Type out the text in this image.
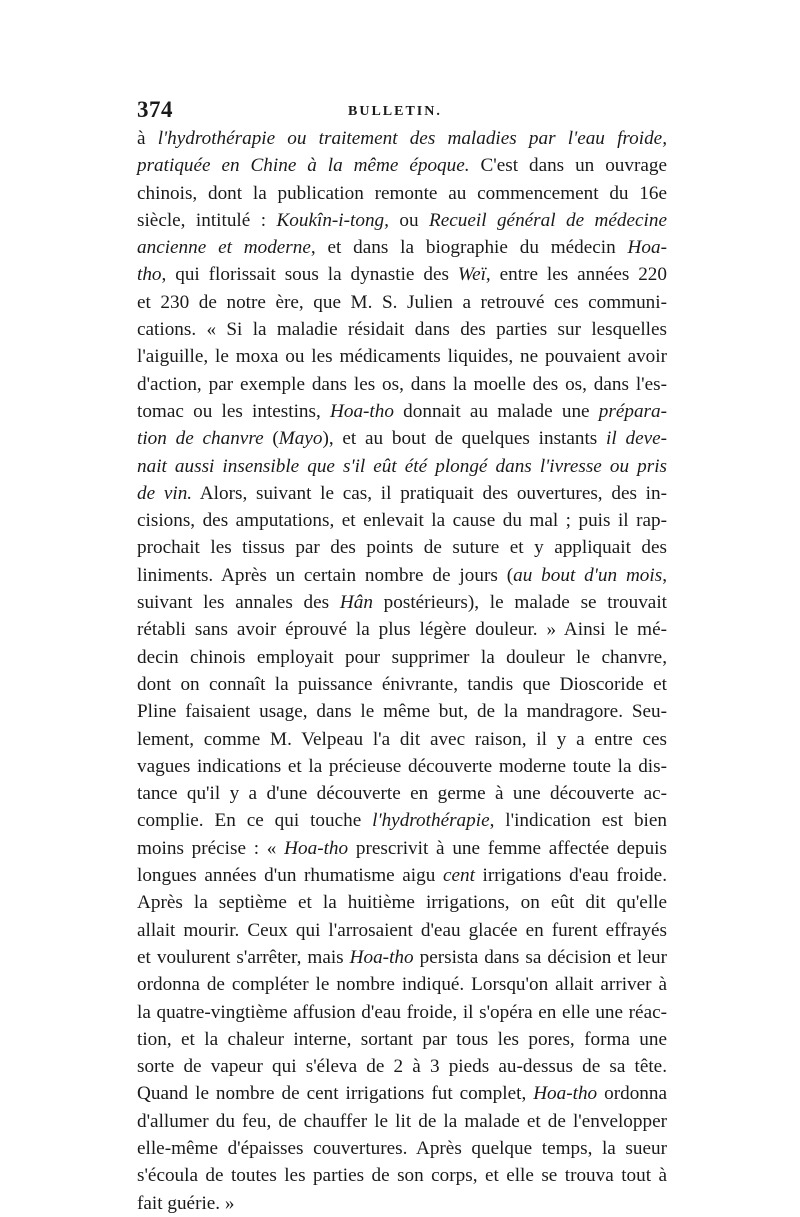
374	BULLETIN.
à l'hydrothérapie ou traitement des maladies par l'eau froide,
pratiquée en Chine à la même époque. C'est dans un ouvrage
chinois, dont la publication remonte au commencement du 16e
siècle, intitulé : Koukîn-i-tong, ou Recueil général de médecine
ancienne et moderne, et dans la biographie du médecin Hoa-
tho, qui florissait sous la dynastie des Weï, entre les années 220
et 230 de notre ère, que M. S. Julien a retrouvé ces communi-
cations. « Si la maladie résidait dans des parties sur lesquelles
l'aiguille, le moxa ou les médicaments liquides, ne pouvaient avoir
d'action, par exemple dans les os, dans la moelle des os, dans l'es-
tomac ou les intestins, Hoa-tho donnait au malade une prépara-
tion de chanvre (Mayo), et au bout de quelques instants il deve-
nait aussi insensible que s'il eût été plongé dans l'ivresse ou pris
de vin. Alors, suivant le cas, il pratiquait des ouvertures, des in-
cisions, des amputations, et enlevait la cause du mal ; puis il rap-
prochait les tissus par des points de suture et y appliquait des
liniments. Après un certain nombre de jours (au bout d'un mois,
suivant les annales des Hân postérieurs), le malade se trouvait
rétabli sans avoir éprouvé la plus légère douleur. » Ainsi le mé-
decin chinois employait pour supprimer la douleur le chanvre,
dont on connaît la puissance énivrante, tandis que Dioscoride et
Pline faisaient usage, dans le même but, de la mandragore. Seu-
lement, comme M. Velpeau l'a dit avec raison, il y a entre ces
vagues indications et la précieuse découverte moderne toute la dis-
tance qu'il y a d'une découverte en germe à une découverte ac-
complie. En ce qui touche l'hydrothérapie, l'indication est bien
moins précise : « Hoa-tho prescrivit à une femme affectée depuis
longues années d'un rhumatisme aigu cent irrigations d'eau froide.
Après la septième et la huitième irrigations, on eût dit qu'elle
allait mourir. Ceux qui l'arrosaient d'eau glacée en furent effrayés
et voulurent s'arrêter, mais Hoa-tho persista dans sa décision et leur
ordonna de compléter le nombre indiqué. Lorsqu'on allait arriver à
la quatre-vingtième affusion d'eau froide, il s'opéra en elle une réac-
tion, et la chaleur interne, sortant par tous les pores, forma une
sorte de vapeur qui s'éleva de 2 à 3 pieds au-dessus de sa tête.
Quand le nombre de cent irrigations fut complet, Hoa-tho ordonna
d'allumer du feu, de chauffer le lit de la malade et de l'envelopper
elle-même d'épaisses couvertures. Après quelque temps, la sueur
s'écoula de toutes les parties de son corps, et elle se trouva tout à
fait guérie. »
